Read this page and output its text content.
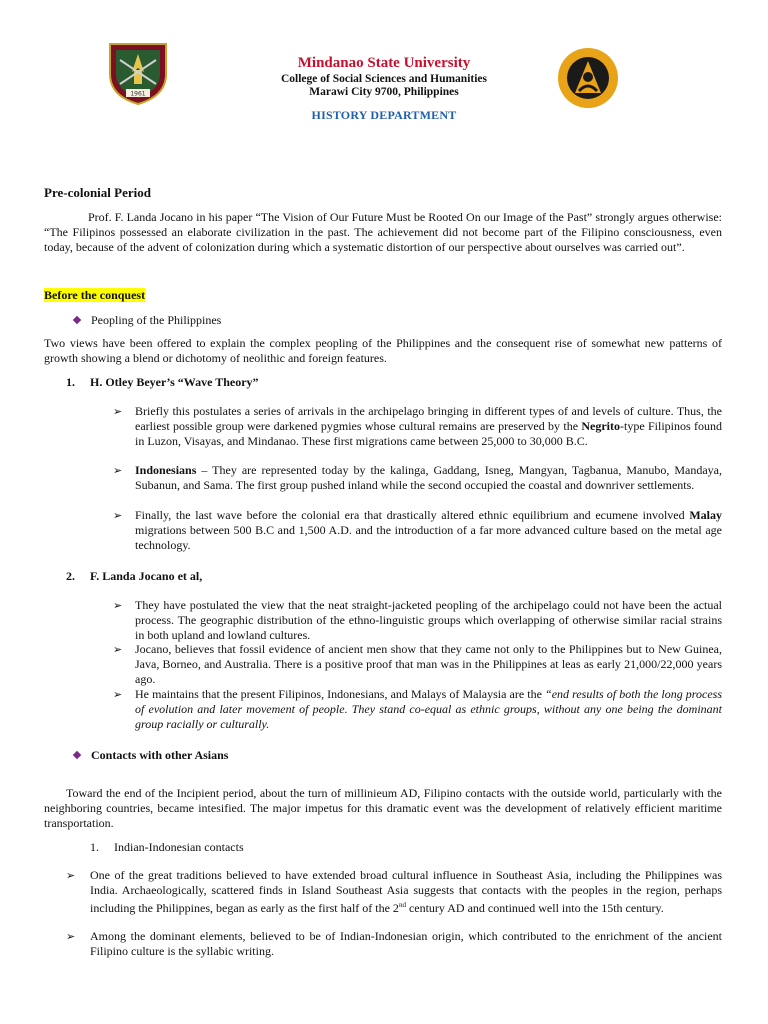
1961
Mindanao State University
College of Social Sciences and Humanities
Marawi City 9700, Philippines
HISTORY DEPARTMENT
Pre-colonial Period

Prof. F. Landa Jocano in his paper “The Vision of Our Future Must be Rooted On our Image of the Past” strongly argues otherwise: “The Filipinos possessed an elaborate civilization in the past. The achievement did not become part of the Filipino consciousness, even today, because of the advent of colonization during which a systematic distortion of our perspective about ourselves was carried out”.

Before the conquest
Peopling of the Philippines

Two views have been offered to explain the complex peopling of the Philippines and the consequent rise of somewhat new patterns of growth showing a blend or dichotomy of neolithic and foreign features.

1. H. Otley Beyer’s “Wave Theory”
➢ Briefly this postulates a series of arrivals in the archipelago bringing in different types of and levels of culture. Thus, the earliest possible group were darkened pygmies whose cultural remains are preserved by the Negrito-type Filipinos found in Luzon, Visayas, and Mindanao. These first migrations came between 25,000 to 30,000 B.C.

➢ Indonesians – They are represented today by the kalinga, Gaddang, Isneg, Mangyan, Tagbanua, Manubo, Mandaya, Subanun, and Sama. The first group pushed inland while the second occupied the coastal and downriver settlements.

➢ Finally, the last wave before the colonial era that drastically altered ethnic equilibrium and ecumene involved Malay migrations between 500 B.C and 1,500 A.D. and the introduction of a far more advanced culture based on the metal age technology.

2. F. Landa Jocano et al,
➢ They have postulated the view that the neat straight-jacketed peopling of the archipelago could not have been the actual process. The geographic distribution of the ethno-linguistic groups which overlapping of otherwise similar racial strains in both upland and lowland cultures.

➢ Jocano, believes that fossil evidence of ancient men show that they came not only to the Philippines but to New Guinea, Java, Borneo, and Australia. There is a positive proof that man was in the Philippines at leas as early 21,000/22,000 years ago.

➢ He maintains that the present Filipinos, Indonesians, and Malays of Malaysia are the “end results of both the long process of evolution and later movement of people. They stand co-equal as ethnic groups, without any one being the dominant group racially or culturally.

Contacts with other Asians

Toward the end of the Incipient period, about the turn of millinieum AD, Filipino contacts with the outside world, particularly with the neighboring countries, became intesified. The major impetus for this dramatic event was the development of relatively efficient maritime transportation.

1. Indian-Indonesian contacts
➢ One of the great traditions believed to have extended broad cultural influence in Southeast Asia, including the Philippines was India. Archaeologically, scattered finds in Island Southeast Asia suggests that contacts with the peoples in the region, perhaps including the Philippines, began as early as the first half of the 2nd century AD and continued well into the 15th century.

➢ Among the dominant elements, believed to be of Indian-Indonesian origin, which contributed to the enrichment of the ancient Filipino culture is the syllabic writing.
